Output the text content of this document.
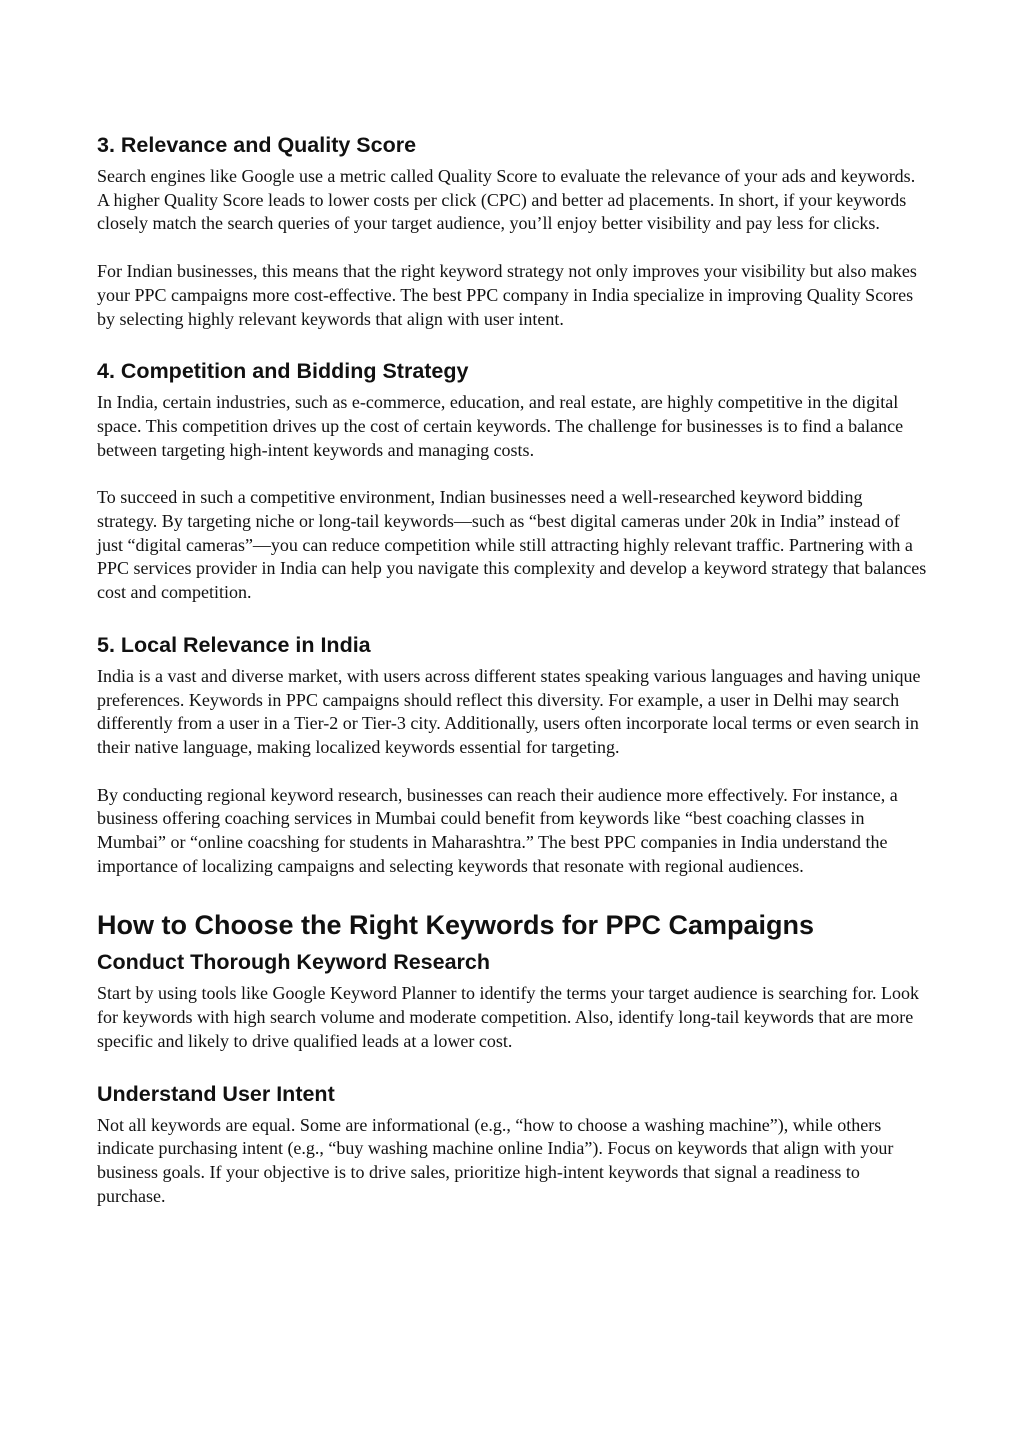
3. Relevance and Quality Score

Search engines like Google use a metric called Quality Score to evaluate the relevance of your ads and keywords. A higher Quality Score leads to lower costs per click (CPC) and better ad placements. In short, if your keywords closely match the search queries of your target audience, you’ll enjoy better visibility and pay less for clicks.

For Indian businesses, this means that the right keyword strategy not only improves your visibility but also makes your PPC campaigns more cost-effective. The best PPC company in India specialize in improving Quality Scores by selecting highly relevant keywords that align with user intent.

4. Competition and Bidding Strategy

In India, certain industries, such as e-commerce, education, and real estate, are highly competitive in the digital space. This competition drives up the cost of certain keywords. The challenge for businesses is to find a balance between targeting high-intent keywords and managing costs.

To succeed in such a competitive environment, Indian businesses need a well-researched keyword bidding strategy. By targeting niche or long-tail keywords—such as “best digital cameras under 20k in India” instead of just “digital cameras”—you can reduce competition while still attracting highly relevant traffic. Partnering with a PPC services provider in India can help you navigate this complexity and develop a keyword strategy that balances cost and competition.

5. Local Relevance in India

India is a vast and diverse market, with users across different states speaking various languages and having unique preferences. Keywords in PPC campaigns should reflect this diversity. For example, a user in Delhi may search differently from a user in a Tier-2 or Tier-3 city. Additionally, users often incorporate local terms or even search in their native language, making localized keywords essential for targeting.

By conducting regional keyword research, businesses can reach their audience more effectively. For instance, a business offering coaching services in Mumbai could benefit from keywords like “best coaching classes in Mumbai” or “online coacshing for students in Maharashtra.” The best PPC companies in India understand the importance of localizing campaigns and selecting keywords that resonate with regional audiences.

How to Choose the Right Keywords for PPC Campaigns
Conduct Thorough Keyword Research

Start by using tools like Google Keyword Planner to identify the terms your target audience is searching for. Look for keywords with high search volume and moderate competition. Also, identify long-tail keywords that are more specific and likely to drive qualified leads at a lower cost.

Understand User Intent

Not all keywords are equal. Some are informational (e.g., “how to choose a washing machine”), while others indicate purchasing intent (e.g., “buy washing machine online India”). Focus on keywords that align with your business goals. If your objective is to drive sales, prioritize high-intent keywords that signal a readiness to purchase.
